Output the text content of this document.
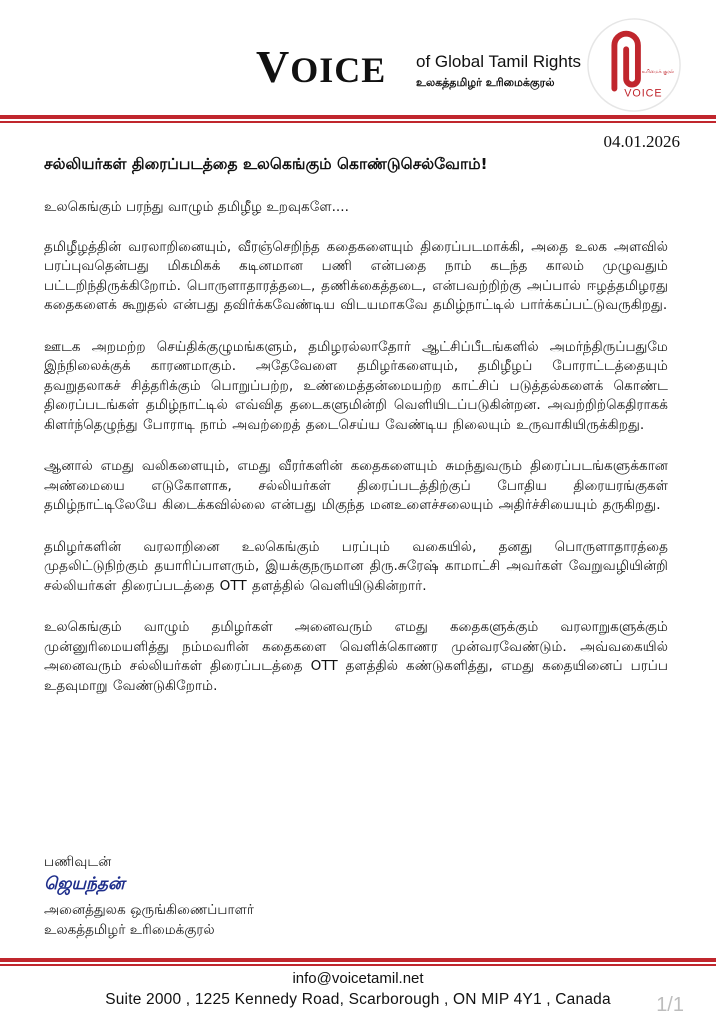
VOICE of Global Tamil Rights
உலகத்தமிழர் உரிமைக்குரல்
உரிமைக் குரல்
VOICE
04.01.2026
சல்லியர்கள் திரைப்படத்தை உலகெங்கும் கொண்டுசெல்வோம்!
உலகெங்கும் பரந்து வாழும் தமிழீழ உறவுகளே....

தமிழீழத்தின் வரலாறினையும், வீரஞ்செறிந்த கதைகளையும் திரைப்படமாக்கி, அதை உலக அளவில் பரப்புவதென்பது மிகமிகக் கடினமான பணி என்பதை நாம் கடந்த காலம் முழுவதும் பட்டறிந்திருக்கிறோம். பொருளாதாரத்தடை, தணிக்கைத்தடை, என்பவற்றிற்கு அப்பால் ஈழத்தமிழரது கதைகளைக் கூறுதல் என்பது தவிர்க்கவேண்டிய விடயமாகவே தமிழ்நாட்டில் பார்க்கப்பட்டுவருகிறது.

ஊடக அறமற்ற செய்திக்குழுமங்களும், தமிழரல்லாதோர் ஆட்சிப்பீடங்களில் அமர்ந்திருப்பதுமே இந்நிலைக்குக் காரணமாகும். அதேவேளை தமிழர்களையும், தமிழீழப் போராட்டத்தையும் தவறுதலாகச் சித்தரிக்கும் பொறுப்பற்ற, உண்மைத்தன்மையற்ற காட்சிப் படுத்தல்களைக் கொண்ட திரைப்படங்கள் தமிழ்நாட்டில் எவ்வித தடைகளுமின்றி வெளியிடப்படுகின்றன. அவற்றிற்கெதிராகக் கிளர்ந்தெழுந்து போராடி நாம் அவற்றைத் தடைசெய்ய வேண்டிய நிலையும் உருவாகியிருக்கிறது.

ஆனால் எமது வலிகளையும், எமது வீரர்களின் கதைகளையும் சுமந்துவரும் திரைப்படங்களுக்கான அண்மையை எடுகோளாக, சல்லியர்கள் திரைப்படத்திற்குப் போதிய திரையரங்குகள் தமிழ்நாட்டிலேயே கிடைக்கவில்லை என்பது மிகுந்த மனஉளைச்சலையும் அதிர்ச்சியையும் தருகிறது.

தமிழர்களின் வரலாறினை உலகெங்கும் பரப்பும் வகையில், தனது பொருளாதாரத்தை முதலிட்டுநிற்கும் தயாரிப்பாளரும், இயக்குநருமான திரு.சுரேஷ் காமாட்சி அவர்கள் வேறுவழியின்றி சல்லியர்கள் திரைப்படத்தை OTT தளத்தில் வெளியிடுகின்றார்.

உலகெங்கும் வாழும் தமிழர்கள் அனைவரும் எமது கதைகளுக்கும் வரலாறுகளுக்கும் முன்னுரிமையளித்து நம்மவரின் கதைகளை வெளிக்கொணர முன்வரவேண்டும். அவ்வகையில் அனைவரும் சல்லியர்கள் திரைப்படத்தை OTT தளத்தில் கண்டுகளித்து, எமது கதையினைப் பரப்ப உதவுமாறு வேண்டுகிறோம்.

பணிவுடன்
ஜெயந்தன்
அனைத்துலக ஒருங்கிணைப்பாளர்
உலகத்தமிழர் உரிமைக்குரல்
info@voicetamil.net
Suite 2000 , 1225 Kennedy Road, Scarborough , ON MIP 4Y1 , Canada	1/1
